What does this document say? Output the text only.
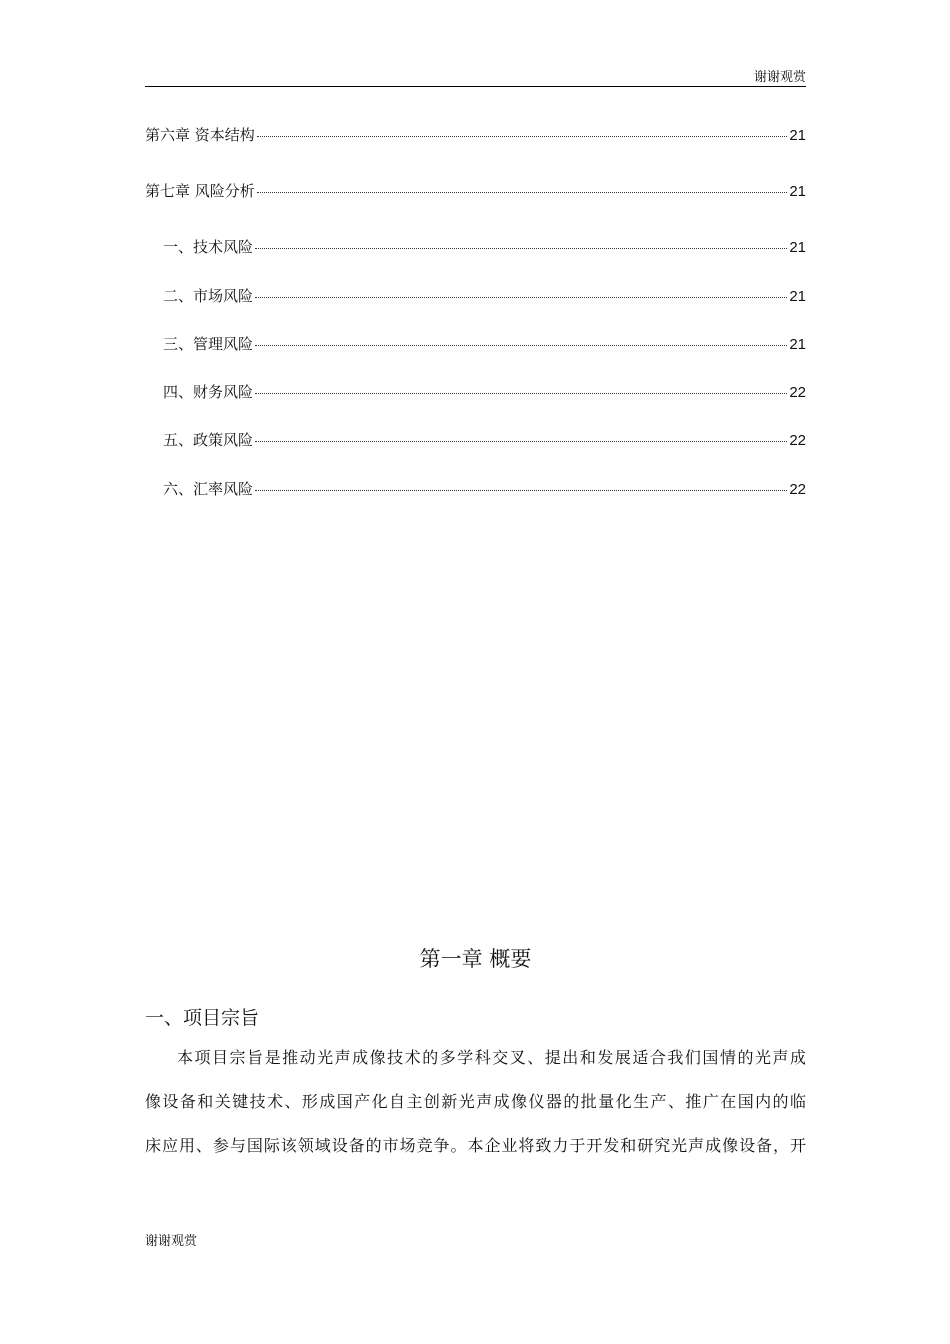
谢谢观赏
第六章 资本结构	21
第七章 风险分析	21
一、技术风险	21
二、市场风险	21
三、管理风险	21
四、财务风险	22
五、政策风险	22
六、汇率风险	22
第一章 概要
一、项目宗旨
本项目宗旨是推动光声成像技术的多学科交叉、提出和发展适合我们国情的光声成
像设备和关键技术、形成国产化自主创新光声成像仪器的批量化生产、推广在国内的临
床应用、参与国际该领域设备的市场竞争。本企业将致力于开发和研究光声成像设备，开
谢谢观赏
